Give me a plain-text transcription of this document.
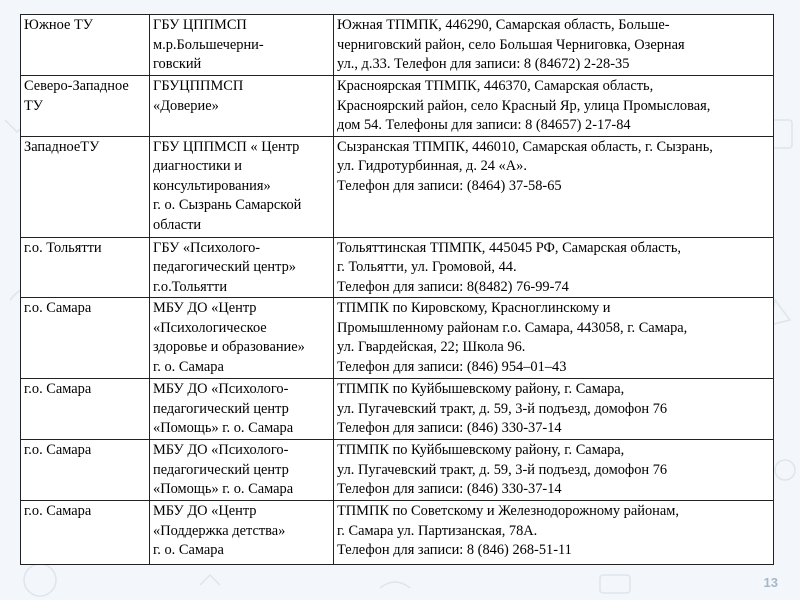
Южное ТУ	ГБУ ЦППМСП
м.р.Большечерни-
говский	Южная ТПМПК, 446290, Самарская область, Больше-
черниговский район, село Большая Черниговка, Озерная
ул., д.33. Телефон для записи: 8 (84672) 2-28-35
Северо-Западное
ТУ	ГБУЦППМСП
«Доверие»	Красноярская ТПМПК, 446370, Самарская область,
Красноярский район, село Красный Яр, улица Промысловая,
дом 54. Телефоны для записи: 8 (84657) 2-17-84
ЗападноеТУ	ГБУ ЦППМСП « Центр
диагностики и
консультирования»
г. о. Сызрань Самарской
области	Сызранская ТПМПК, 446010, Самарская область, г. Сызрань,
ул. Гидротурбинная, д. 24 «А».
Телефон для записи: (8464) 37-58-65
г.о. Тольятти	ГБУ «Психолого-
педагогический центр»
г.о.Тольятти	Тольяттинская ТПМПК, 445045 РФ, Самарская область,
г. Тольятти, ул. Громовой, 44.
Телефон для записи: 8(8482) 76-99-74
г.о. Самара	МБУ ДО «Центр
«Психологическое
здоровье и образование»
г. о. Самара	ТПМПК по Кировскому, Красноглинскому и
Промышленному районам г.о. Самара, 443058, г. Самара,
ул. Гвардейская, 22; Школа 96.
Телефон для записи: (846) 954–01–43
г.о. Самара	МБУ ДО «Психолого-
педагогический центр
«Помощь» г. о. Самара	ТПМПК по Куйбышевскому району, г. Самара,
ул. Пугачевский тракт, д. 59, 3-й подъезд, домофон 76
Телефон для записи: (846) 330-37-14
г.о. Самара	МБУ ДО «Психолого-
педагогический центр
«Помощь» г. о. Самара	ТПМПК по Куйбышевскому району, г. Самара,
ул. Пугачевский тракт, д. 59, 3-й подъезд, домофон 76
Телефон для записи: (846) 330-37-14
г.о. Самара	МБУ ДО «Центр
«Поддержка детства»
г. о. Самара	ТПМПК по Советскому и Железнодорожному районам,
г. Самара ул. Партизанская, 78А.
Телефон для записи: 8 (846) 268-51-11
13
